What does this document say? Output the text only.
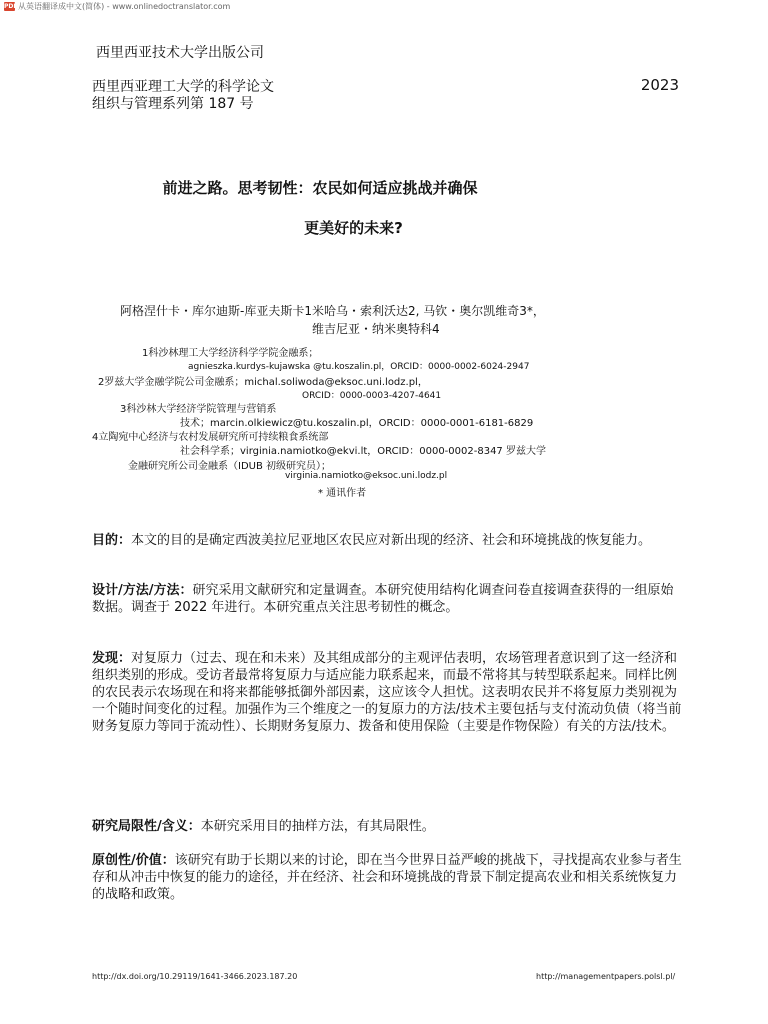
PDF 从英语翻译成中文(简体) - www.onlinedoctranslator.com
西里西亚技术大学出版公司
西里西亚理工大学的科学论文	2023
组织与管理系列第 187 号
前进之路。思考韧性：农民如何适应挑战并确保
更美好的未来?
阿格涅什卡・库尔迪斯-库亚夫斯卡1米哈乌・索利沃达2, 马钦・奥尔凯维奇3*，
维吉尼亚・纳米奥特科4
1科沙林理工大学经济科学学院金融系；
agnieszka.kurdys-kujawska @tu.koszalin.pl，ORCID：0000-0002-6024-2947
2罗兹大学金融学院公司金融系；michal.soliwoda@eksoc.uni.lodz.pl，
ORCID：0000-0003-4207-4641
3科沙林大学经济学院管理与营销系
技术；marcin.olkiewicz@tu.koszalin.pl，ORCID：0000-0001-6181-6829
4立陶宛中心经济与农村发展研究所可持续粮食系统部
社会科学系；virginia.namiotko@ekvi.lt，ORCID：0000-0002-8347 罗兹大学
金融研究所公司金融系（IDUB 初级研究员）；
virginia.namiotko@eksoc.uni.lodz.pl
* 通讯作者
目的：本文的目的是确定西波美拉尼亚地区农民应对新出现的经济、社会和环境挑战的恢复能力。
设计/方法/方法：研究采用文献研究和定量调查。本研究使用结构化调查问卷直接调查获得的一组原始数据。调查于 2022 年进行。本研究重点关注思考韧性的概念。
发现：对复原力（过去、现在和未来）及其组成部分的主观评估表明，农场管理者意识到了这一经济和组织类别的形成。受访者最常将复原力与适应能力联系起来，而最不常将其与转型联系起来。同样比例的农民表示农场现在和将来都能够抵御外部因素，这应该令人担忧。这表明农民并不将复原力类别视为一个随时间变化的过程。加强作为三个维度之一的复原力的方法/技术主要包括与支付流动负债（将当前财务复原力等同于流动性）、长期财务复原力、拨备和使用保险（主要是作物保险）有关的方法/技术。
研究局限性/含义：本研究采用目的抽样方法，有其局限性。
原创性/价值：该研究有助于长期以来的讨论，即在当今世界日益严峻的挑战下，寻找提高农业参与者生存和从冲击中恢复的能力的途径，并在经济、社会和环境挑战的背景下制定提高农业和相关系统恢复力的战略和政策。
http://dx.doi.org/10.29119/1641-3466.2023.187.20	http://managementpapers.polsl.pl/
